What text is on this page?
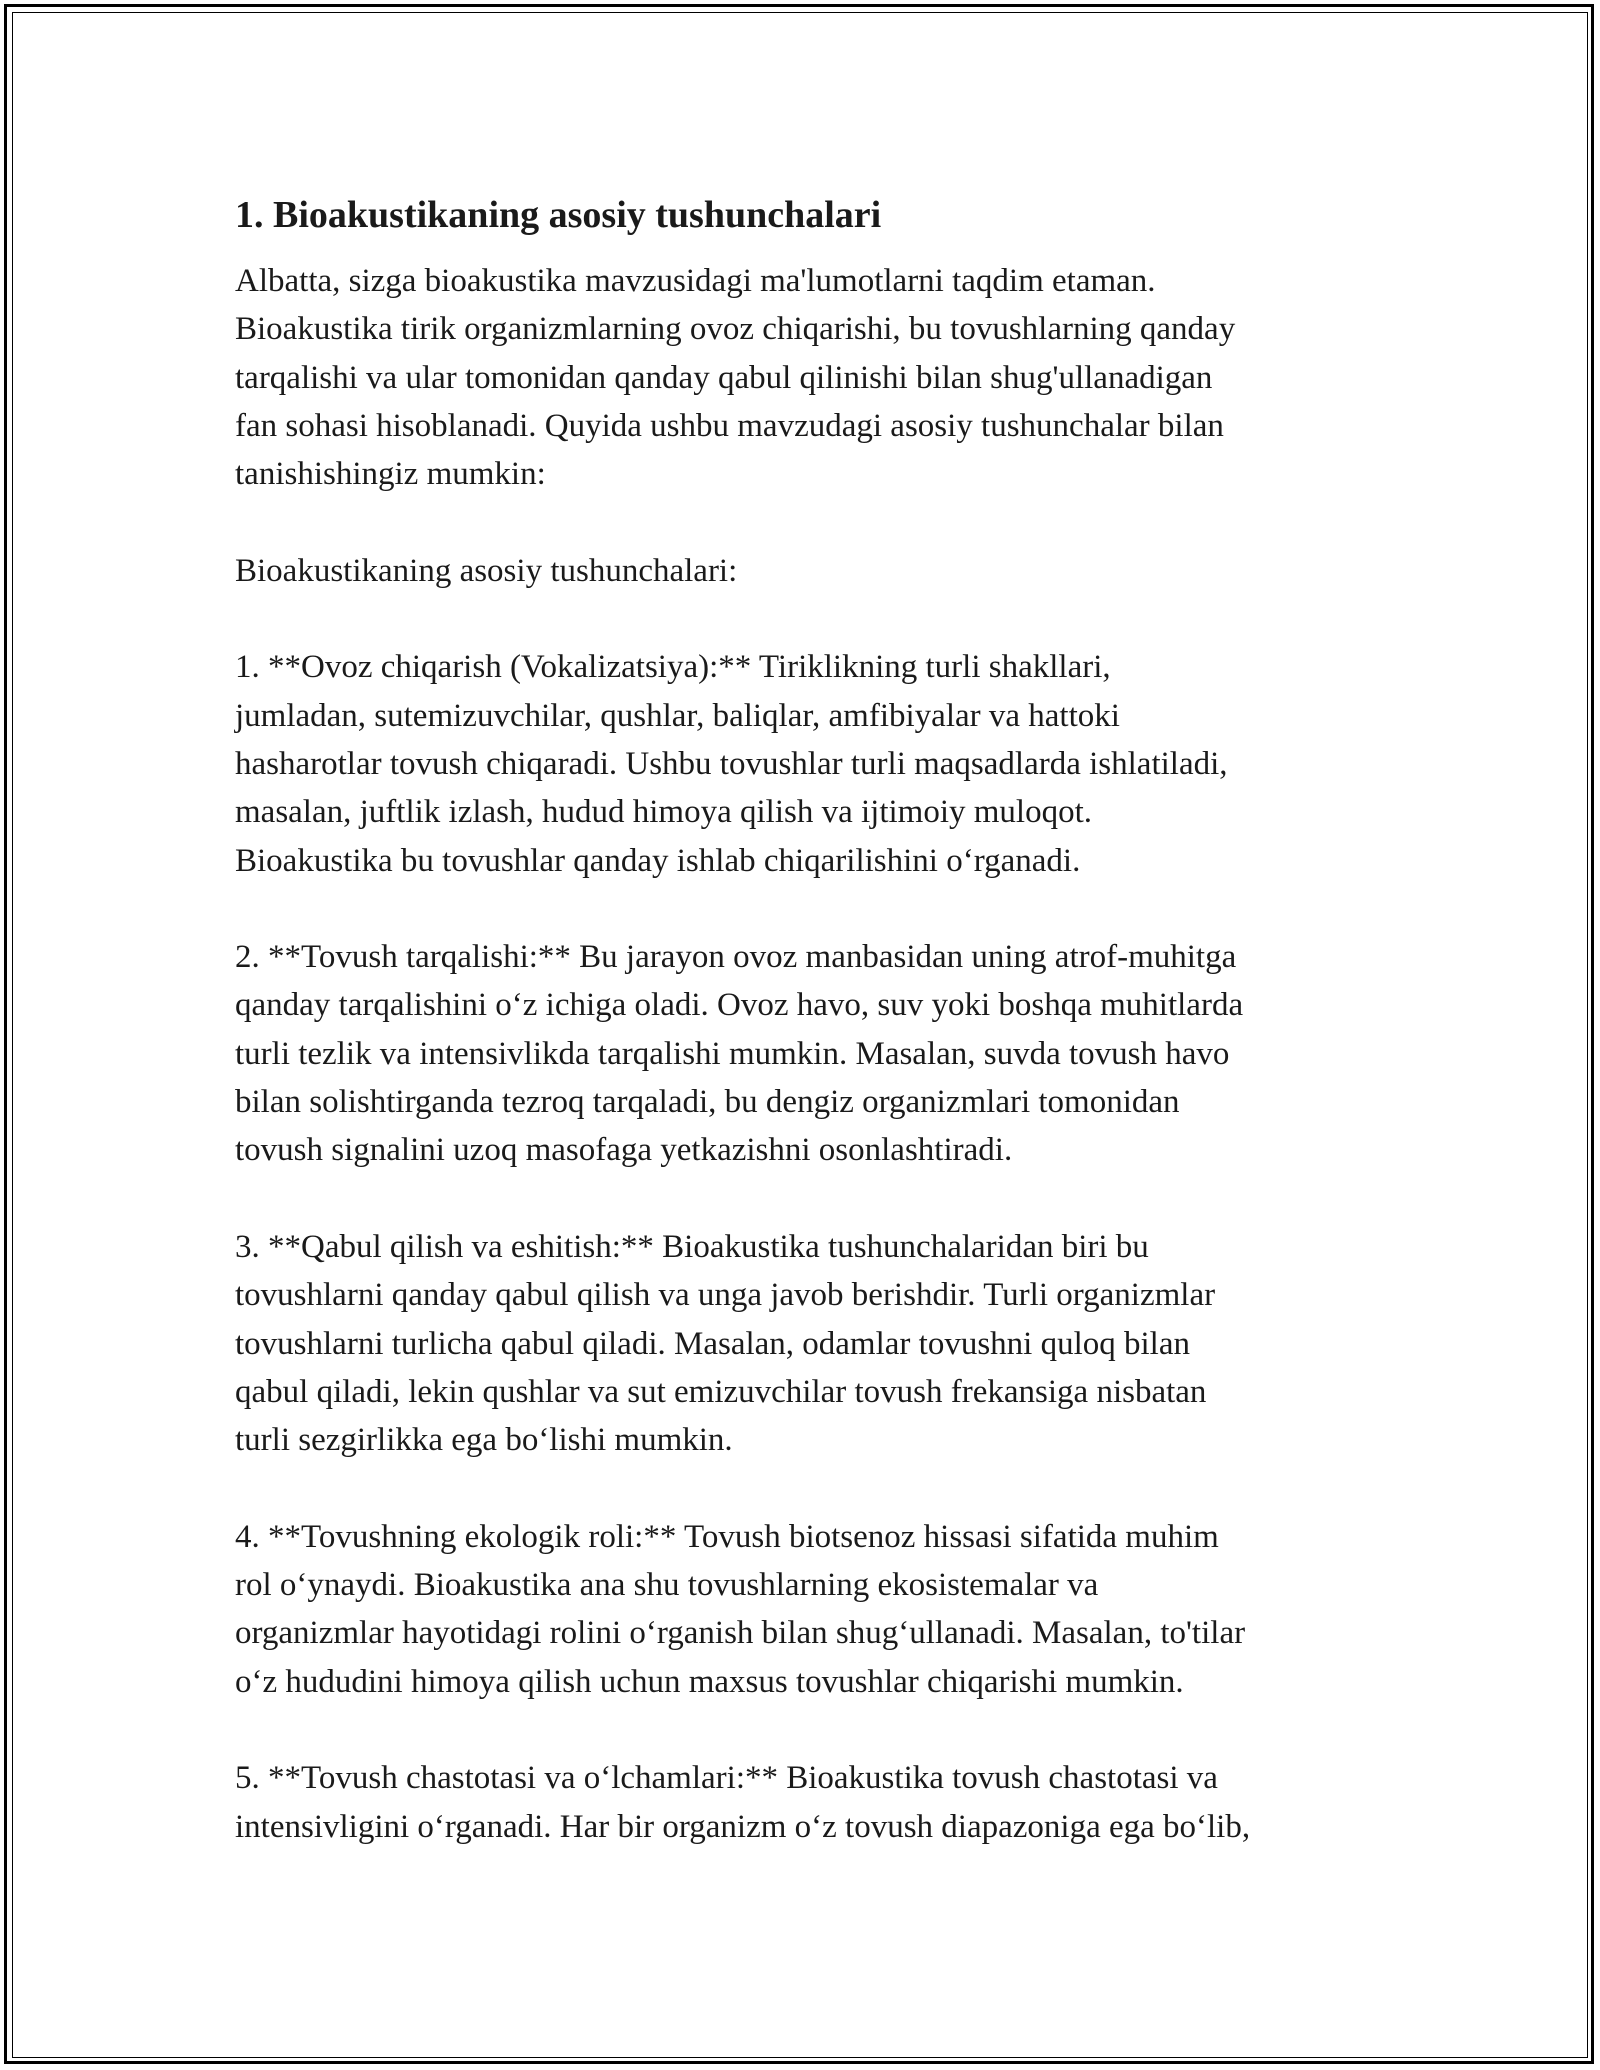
1. Bioakustikaning asosiy tushunchalari

Albatta, sizga bioakustika mavzusidagi ma'lumotlarni taqdim etaman.
Bioakustika tirik organizmlarning ovoz chiqarishi, bu tovushlarning qanday
tarqalishi va ular tomonidan qanday qabul qilinishi bilan shug'ullanadigan
fan sohasi hisoblanadi. Quyida ushbu mavzudagi asosiy tushunchalar bilan
tanishishingiz mumkin:

Bioakustikaning asosiy tushunchalari:

1. **Ovoz chiqarish (Vokalizatsiya):** Tiriklikning turli shakllari,
jumladan, sutemizuvchilar, qushlar, baliqlar, amfibiyalar va hattoki
hasharotlar tovush chiqaradi. Ushbu tovushlar turli maqsadlarda ishlatiladi,
masalan, juftlik izlash, hudud himoya qilish va ijtimoiy muloqot.
Bioakustika bu tovushlar qanday ishlab chiqarilishini o‘rganadi.

2. **Tovush tarqalishi:** Bu jarayon ovoz manbasidan uning atrof-muhitga
qanday tarqalishini o‘z ichiga oladi. Ovoz havo, suv yoki boshqa muhitlarda
turli tezlik va intensivlikda tarqalishi mumkin. Masalan, suvda tovush havo
bilan solishtirganda tezroq tarqaladi, bu dengiz organizmlari tomonidan
tovush signalini uzoq masofaga yetkazishni osonlashtiradi.

3. **Qabul qilish va eshitish:** Bioakustika tushunchalaridan biri bu
tovushlarni qanday qabul qilish va unga javob berishdir. Turli organizmlar
tovushlarni turlicha qabul qiladi. Masalan, odamlar tovushni quloq bilan
qabul qiladi, lekin qushlar va sut emizuvchilar tovush frekansiga nisbatan
turli sezgirlikka ega bo‘lishi mumkin.

4. **Tovushning ekologik roli:** Tovush biotsenoz hissasi sifatida muhim
rol o‘ynaydi. Bioakustika ana shu tovushlarning ekosistemalar va
organizmlar hayotidagi rolini o‘rganish bilan shug‘ullanadi. Masalan, to'tilar
o‘z hududini himoya qilish uchun maxsus tovushlar chiqarishi mumkin.

5. **Tovush chastotasi va o‘lchamlari:** Bioakustika tovush chastotasi va
intensivligini o‘rganadi. Har bir organizm o‘z tovush diapazoniga ega bo‘lib,
